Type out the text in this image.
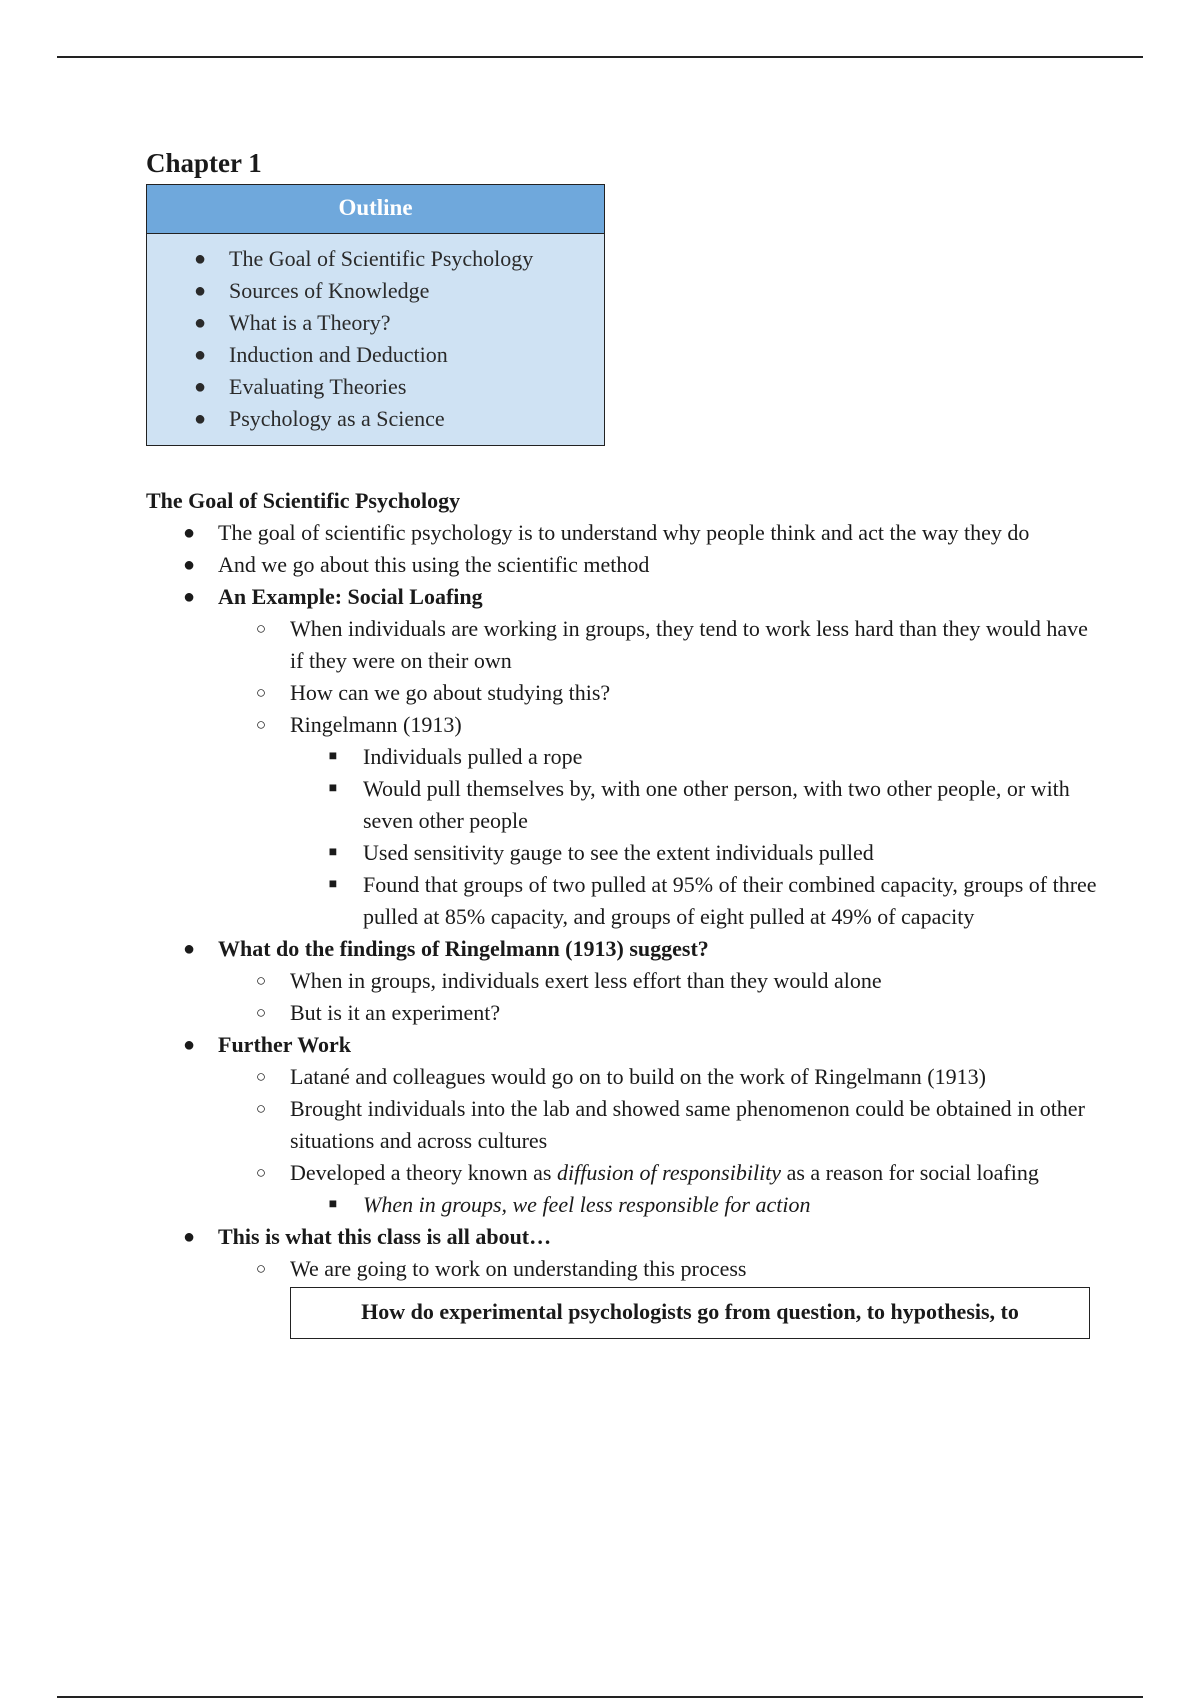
Chapter 1
Outline
● The Goal of Scientific Psychology
● Sources of Knowledge
● What is a Theory?
● Induction and Deduction
● Evaluating Theories
● Psychology as a Science
The Goal of Scientific Psychology
● The goal of scientific psychology is to understand why people think and act the way they do
● And we go about this using the scientific method
● An Example: Social Loafing
○ When individuals are working in groups, they tend to work less hard than they would have if they were on their own
○ How can we go about studying this?
○ Ringelmann (1913)
■ Individuals pulled a rope
■ Would pull themselves by, with one other person, with two other people, or with seven other people
■ Used sensitivity gauge to see the extent individuals pulled
■ Found that groups of two pulled at 95% of their combined capacity, groups of three pulled at 85% capacity, and groups of eight pulled at 49% of capacity
● What do the findings of Ringelmann (1913) suggest?
○ When in groups, individuals exert less effort than they would alone
○ But is it an experiment?
● Further Work
○ Latané and colleagues would go on to build on the work of Ringelmann (1913)
○ Brought individuals into the lab and showed same phenomenon could be obtained in other situations and across cultures
○ Developed a theory known as diffusion of responsibility as a reason for social loafing
■ When in groups, we feel less responsible for action
● This is what this class is all about…
○ We are going to work on understanding this process
How do experimental psychologists go from question, to hypothesis, to
